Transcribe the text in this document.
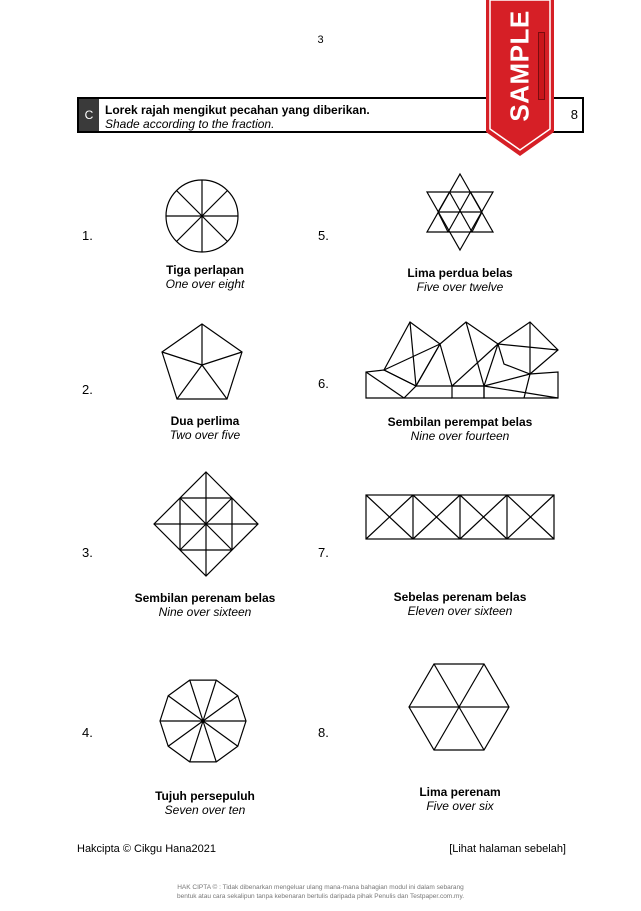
3
C Lorek rajah mengikut pecahan yang diberikan.
Shade according to the fraction.
8
SAMPLE
1.
2.
3.
4.
5.
6.
7.
8.
Tiga perlapan
One over eight
Dua perlima
Two over five
Sembilan perenam belas
Nine over sixteen
Tujuh persepuluh
Seven over ten
Lima perdua belas
Five over twelve
Sembilan perempat belas
Nine over fourteen
Sebelas perenam belas
Eleven over sixteen
Lima perenam
Five over six
Hakcipta © Cikgu Hana2021	[Lihat halaman sebelah]
HAK CIPTA © : Tidak dibenarkan mengeluar ulang mana-mana bahagian modul ini dalam sebarang
bentuk atau cara sekalipun tanpa kebenaran bertulis daripada pihak Penulis dan Testpaper.com.my.
